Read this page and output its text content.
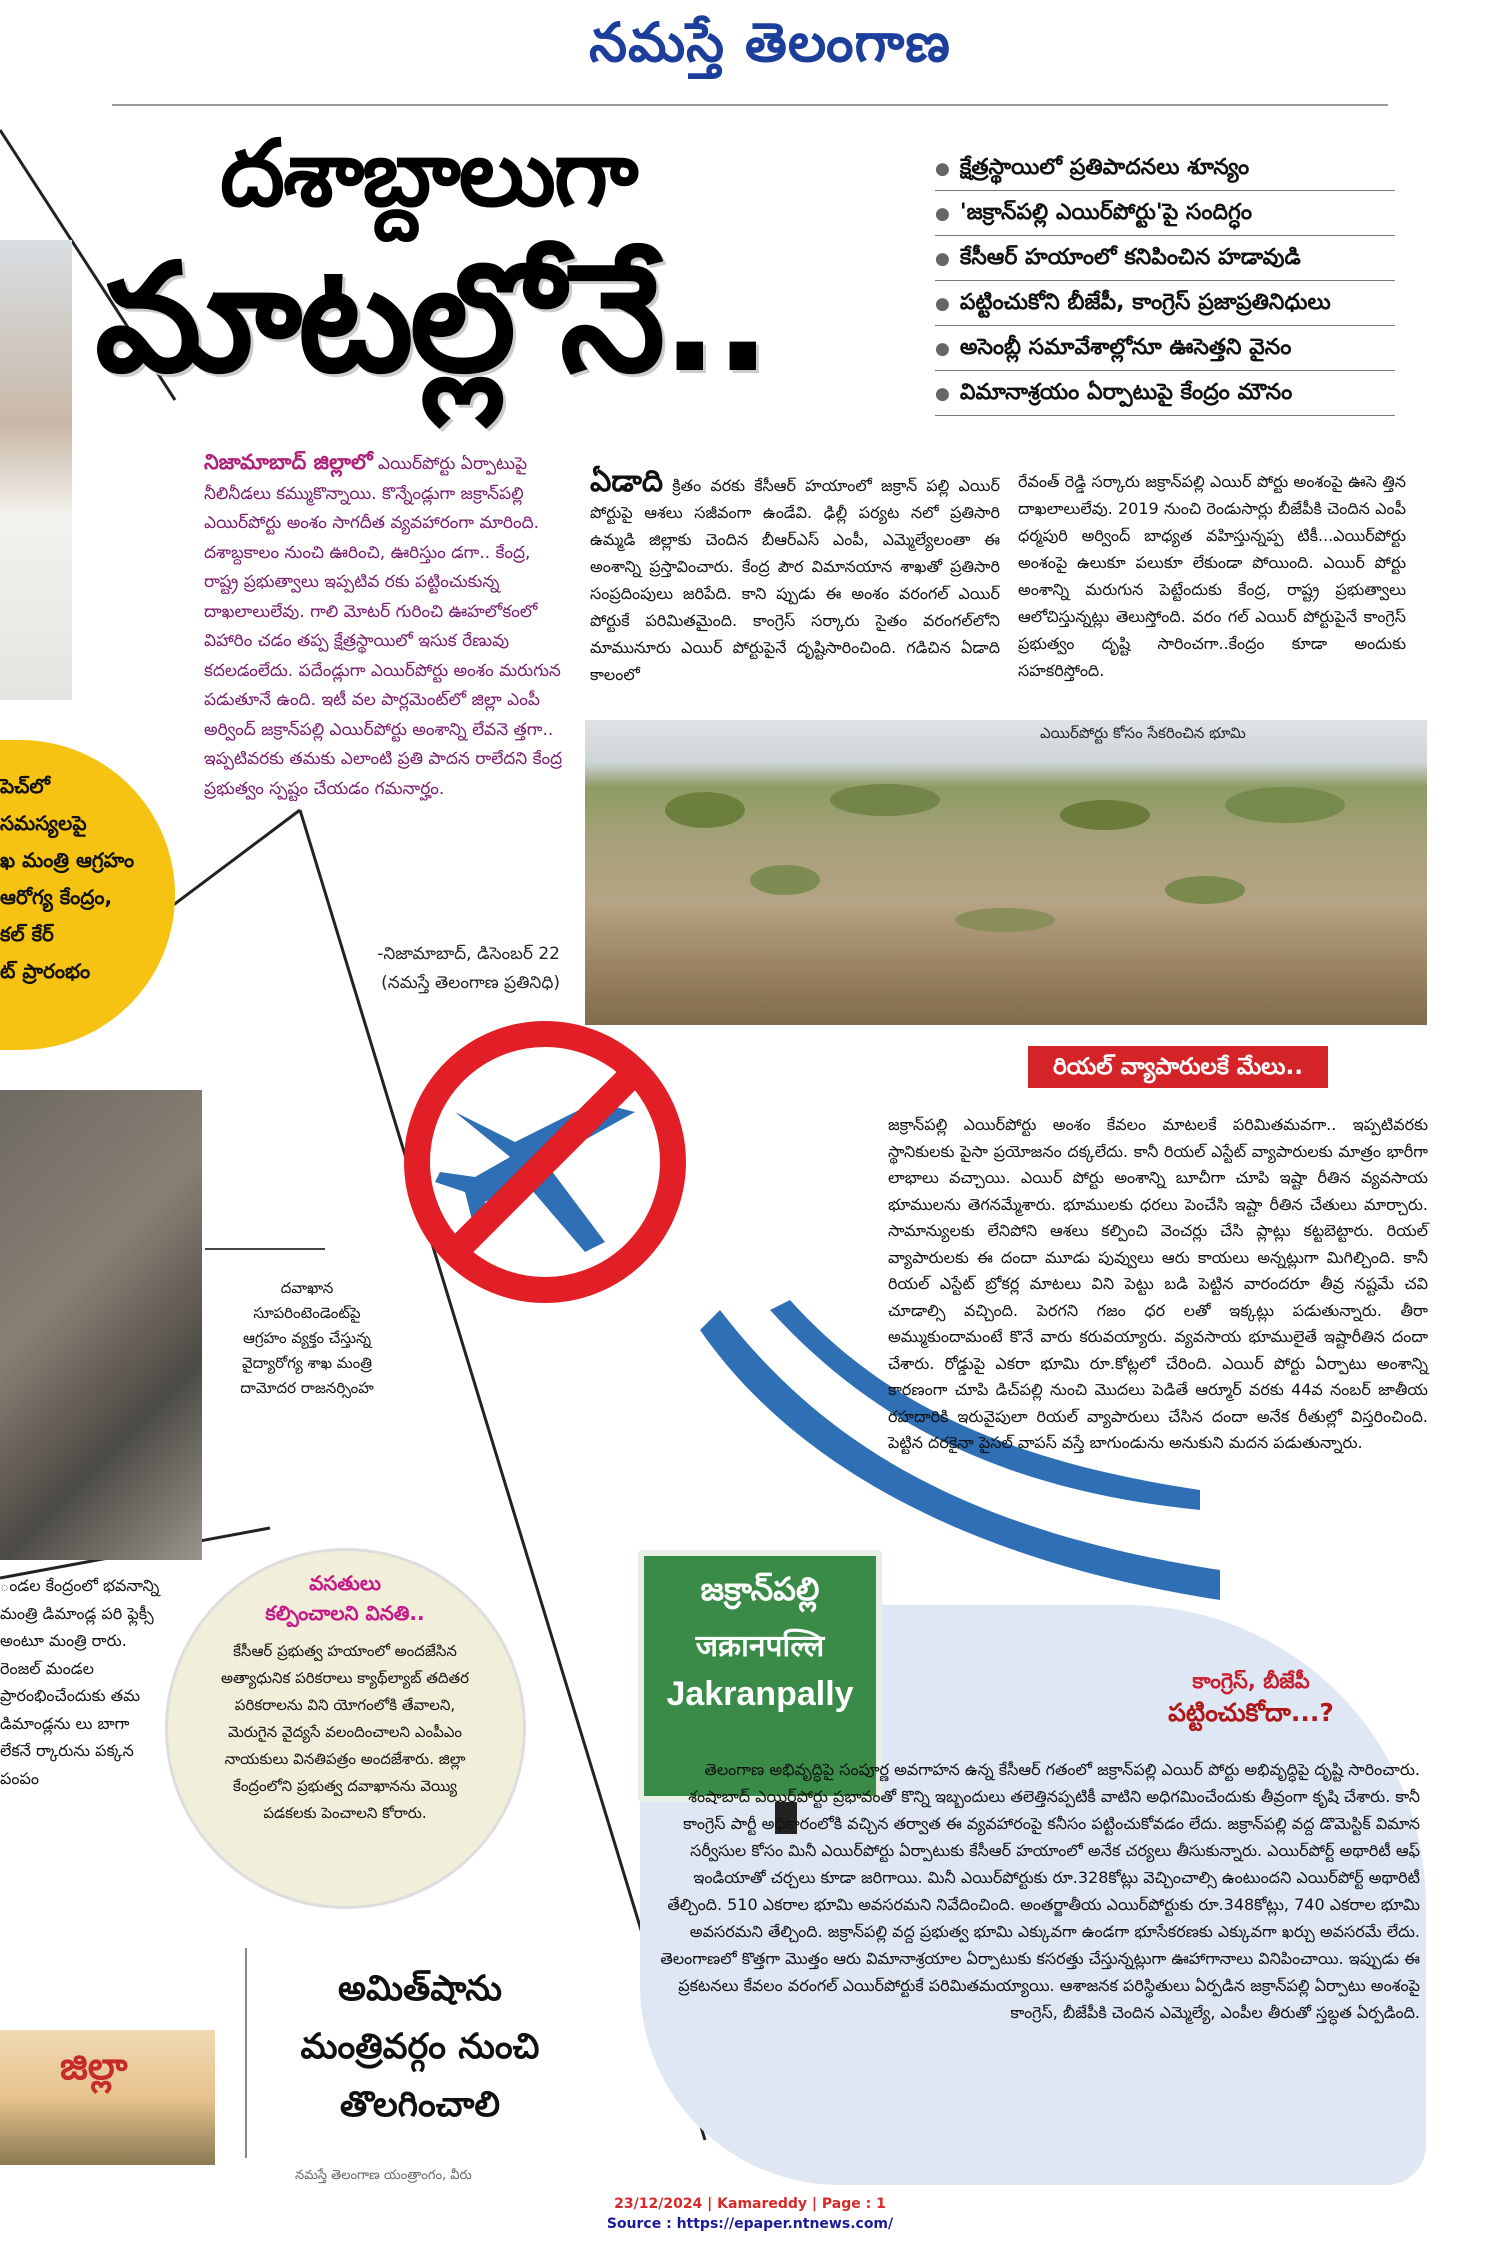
నమస్తే తెలంగాణ
పెచ్‌లో
సమస్యలపై
ఖ మంత్రి ఆగ్రహం
ఆరోగ్య కేంద్రం,
కల్ కేర్
ట్ ప్రారంభం
దవాఖాన సూపరింటెండెంట్‌పై ఆగ్రహం వ్యక్తం చేస్తున్న వైద్యారోగ్య శాఖ మంత్రి దామోదర రాజనర్సింహ
దశాబ్దాలుగా
మాటల్లోనే..
● క్షేత్రస్థాయిలో ప్రతిపాదనలు శూన్యం
● 'జక్రాన్‌పల్లి ఎయిర్‌పోర్టు'పై సందిగ్ధం
● కేసీఆర్ హయాంలో కనిపించిన హడావుడి
● పట్టించుకోని బీజేపీ, కాంగ్రెస్ ప్రజాప్రతినిధులు
● అసెంబ్లీ సమావేశాల్లోనూ ఊసెత్తని వైనం
● విమానాశ్రయం ఏర్పాటుపై కేంద్రం మౌనం
నిజామాబాద్ జిల్లాలో ఎయిర్‌పోర్టు ఏర్పాటుపై నీలినీడలు కమ్ముకొన్నాయి. కొన్నేండ్లుగా జక్రాన్‌పల్లి ఎయిర్‌పోర్టు అంశం సాగదీత వ్యవహారంగా మారింది. దశాబ్దకాలం నుంచి ఊరించి, ఊరిస్తుం డగా.. కేంద్ర, రాష్ట్ర ప్రభుత్వాలు ఇప్పటివ రకు పట్టించుకున్న దాఖలాలులేవు. గాలి మోటర్ గురించి ఊహలోకంలో విహారిం చడం తప్ప క్షేత్రస్థాయిలో ఇసుక రేణువు కదలడంలేదు. పదేండ్లుగా ఎయిర్‌పోర్టు అంశం మరుగున పడుతూనే ఉంది. ఇటీ వల పార్లమెంట్‌లో జిల్లా ఎంపీ అర్వింద్ జక్రాన్‌పల్లి ఎయిర్‌పోర్టు అంశాన్ని లేవనె త్తగా.. ఇప్పటివరకు తమకు ఎలాంటి ప్రతి పాదన రాలేదని కేంద్ర ప్రభుత్వం స్పష్టం చేయడం గమనార్హం.
-నిజామాబాద్, డిసెంబర్ 22
(నమస్తే తెలంగాణ ప్రతినిధి)
ఏడాది క్రితం వరకు కేసీఆర్ హయాంలో జక్రాన్ పల్లి ఎయిర్ పోర్టుపై ఆశలు సజీవంగా ఉండేవి. ఢిల్లీ పర్యట నలో ప్రతిసారి ఉమ్మడి జిల్లాకు చెందిన బీఆర్ఎస్ ఎంపీ, ఎమ్మెల్యేలంతా ఈ అంశాన్ని ప్రస్తావించారు. కేంద్ర పౌర విమానయాన శాఖతో ప్రతిసారి సంప్రదింపులు జరిపేది. కాని ప్పుడు ఈ అంశం వరంగల్ ఎయిర్ పోర్టుకే పరిమితమైంది. కాంగ్రెస్ సర్కారు సైతం వరంగల్‌లోని మామునూరు ఎయిర్ పోర్టుపైనే దృష్టిసారించింది. గడిచిన ఏడాది కాలంలో
రేవంత్ రెడ్డి సర్కారు జక్రాన్‌పల్లి ఎయిర్ పోర్టు అంశంపై ఊసె త్తిన దాఖలాలులేవు. 2019 నుంచి రెండుసార్లు బీజేపీకి చెందిన ఎంపీ ధర్మపురి అర్వింద్ బాధ్యత వహిస్తున్నప్ప టికీ...ఎయిర్‌పోర్టు అంశంపై ఉలుకూ పలుకూ లేకుండా పోయింది. ఎయిర్ పోర్టు అంశాన్ని మరుగున పెట్టేందుకు కేంద్ర, రాష్ట్ర ప్రభుత్వాలు ఆలోచిస్తున్నట్లు తెలుస్తోంది. వరం గల్ ఎయిర్ పోర్టుపైనే కాంగ్రెస్ ప్రభుత్వం దృష్టి సారించగా..కేంద్రం కూడా అందుకు సహకరిస్తోంది.
ఎయిర్‌పోర్టు కోసం సేకరించిన భూమి
రియల్ వ్యాపారులకే మేలు..
జక్రాన్‌పల్లి ఎయిర్‌పోర్టు అంశం కేవలం మాటలకే పరిమితమవగా.. ఇప్పటివరకు స్థానికులకు పైసా ప్రయోజనం దక్కలేదు. కానీ రియల్ ఎస్టేట్ వ్యాపారులకు మాత్రం భారీగా లాభాలు వచ్చాయి. ఎయిర్ పోర్టు అంశాన్ని బూచీగా చూపి ఇష్టా రీతిన వ్యవసాయ భూములను తెగనమ్మేశారు. భూములకు ధరలు పెంచేసి ఇష్టా రీతిన చేతులు మార్చారు. సామాన్యులకు లేనిపోని ఆశలు కల్పించి వెంచర్లు చేసి ప్లాట్లు కట్టబెట్టారు. రియల్ వ్యాపారులకు ఈ దందా మూడు పువ్వులు ఆరు కాయలు అన్నట్లుగా మిగిల్చింది. కానీ రియల్ ఎస్టేట్ బ్రోకర్ల మాటలు విని పెట్టు బడి పెట్టిన వారందరూ తీవ్ర నష్టమే చవి చూడాల్సి వచ్చింది. పెరగని గజం ధర లతో ఇక్కట్లు పడుతున్నారు. తీరా అమ్ముకుందామంటే కొనే వారు కరువయ్యారు. వ్యవసాయ భూములైతే ఇష్టారీతిన దందా చేశారు. రోడ్డుపై ఎకరా భూమి రూ.కోట్లలో చేరింది. ఎయిర్ పోర్టు ఏర్పాటు అంశాన్ని కారణంగా చూపి డిచ్‌పల్లి నుంచి మొదలు పెడితే ఆర్మూర్ వరకు 44వ నంబర్ జాతీయ రహదారికి ఇరువైపులా రియల్ వ్యాపారులు చేసిన దందా అనేక రీతుల్లో విస్తరించింది. పెట్టిన దరకైనా పైసల్ వాపస్ వస్తే బాగుండును అనుకుని మదన పడుతున్నారు.
జక్రాన్‌పల్లి
जक्रानपल्लि
Jakranpally	కాంగ్రెస్, బీజేపీ
పట్టించుకోదా...?
తెలంగాణ అభివృద్ధిపై సంపూర్ణ అవగాహన ఉన్న కేసీఆర్ గతంలో జక్రాన్‌పల్లి ఎయిర్ పోర్టు అభివృద్ధిపై దృష్టి సారించారు. శంషాబాద్ ఎయిర్‌పోర్టు ప్రభావంతో కొన్ని ఇబ్బందులు తలెత్తినప్పటికీ వాటిని అధిగమించేందుకు తీవ్రంగా కృషి చేశారు. కానీ కాంగ్రెస్ పార్టీ అధికారంలోకి వచ్చిన తర్వాత ఈ వ్యవహారంపై కనీసం పట్టించుకోవడం లేదు. జక్రాన్‌పల్లి వద్ద డొమెస్టిక్ విమాన సర్వీసుల కోసం మినీ ఎయిర్‌పోర్టు ఏర్పాటుకు కేసీఆర్ హయాంలో అనేక చర్యలు తీసుకున్నారు. ఎయిర్‌పోర్ట్ అథారిటీ ఆఫ్ ఇండియాతో చర్చలు కూడా జరిగాయి. మినీ ఎయిర్‌పోర్టుకు రూ.328కోట్లు వెచ్చించాల్సి ఉంటుందని ఎయిర్‌పోర్ట్ అథారిటీ తేల్చింది. 510 ఎకరాల భూమి అవసరమని నివేదించింది. అంతర్జాతీయ ఎయిర్‌పోర్టుకు రూ.348కోట్లు, 740 ఎకరాల భూమి అవసరమని తేల్చింది. జక్రాన్‌పల్లి వద్ద ప్రభుత్వ భూమి ఎక్కువగా ఉండగా భూసేకరణకు ఎక్కువగా ఖర్చు అవసరమే లేదు. తెలంగాణలో కొత్తగా మొత్తం ఆరు విమానాశ్రయాల ఏర్పాటుకు కసరత్తు చేస్తున్నట్లుగా ఊహాగానాలు వినిపించాయి. ఇప్పుడు ఈ ప్రకటనలు కేవలం వరంగల్ ఎయిర్‌పోర్టుకే పరిమితమయ్యాయి. ఆశాజనక పరిస్థితులు ఏర్పడిన జక్రాన్‌పల్లి ఏర్పాటు అంశంపై కాంగ్రెస్, బీజేపీకి చెందిన ఎమ్మెల్యే, ఎంపీల తీరుతో స్తబ్ధత ఏర్పడింది.
ండల కేంద్రంలో భవనాన్ని మంత్రి డిమాండ్ల పరి ఫ్లెక్సీ అంటూ మంత్రి రారు. రెంజల్ మండల ప్రారంభించేందుకు తమ డిమాండ్లను లు బాగా లేకనే ర్కారును పక్కన పంపం
వసతులు
కల్పించాలని వినతి..
కేసీఆర్ ప్రభుత్వ హయాంలో అందజేసిన అత్యాధునిక పరికరాలు క్యాథ్‌ల్యాబ్ తదితర పరికరాలను విని యోగంలోకి తేవాలని, మెరుగైన వైద్యసే వలందించాలని ఎంపీఎం నాయకులు వినతిపత్రం అందజేశారు. జిల్లా కేంద్రంలోని ప్రభుత్వ దవాఖానను వెయ్యి పడకలకు పెంచాలని కోరారు.
జిల్లా
అమిత్‌షాను
మంత్రివర్గం నుంచి
తొలగించాలి
నమస్తే తెలంగాణ యంత్రాంగం, వీరు
23/12/2024 | Kamareddy | Page : 1
Source : https://epaper.ntnews.com/
